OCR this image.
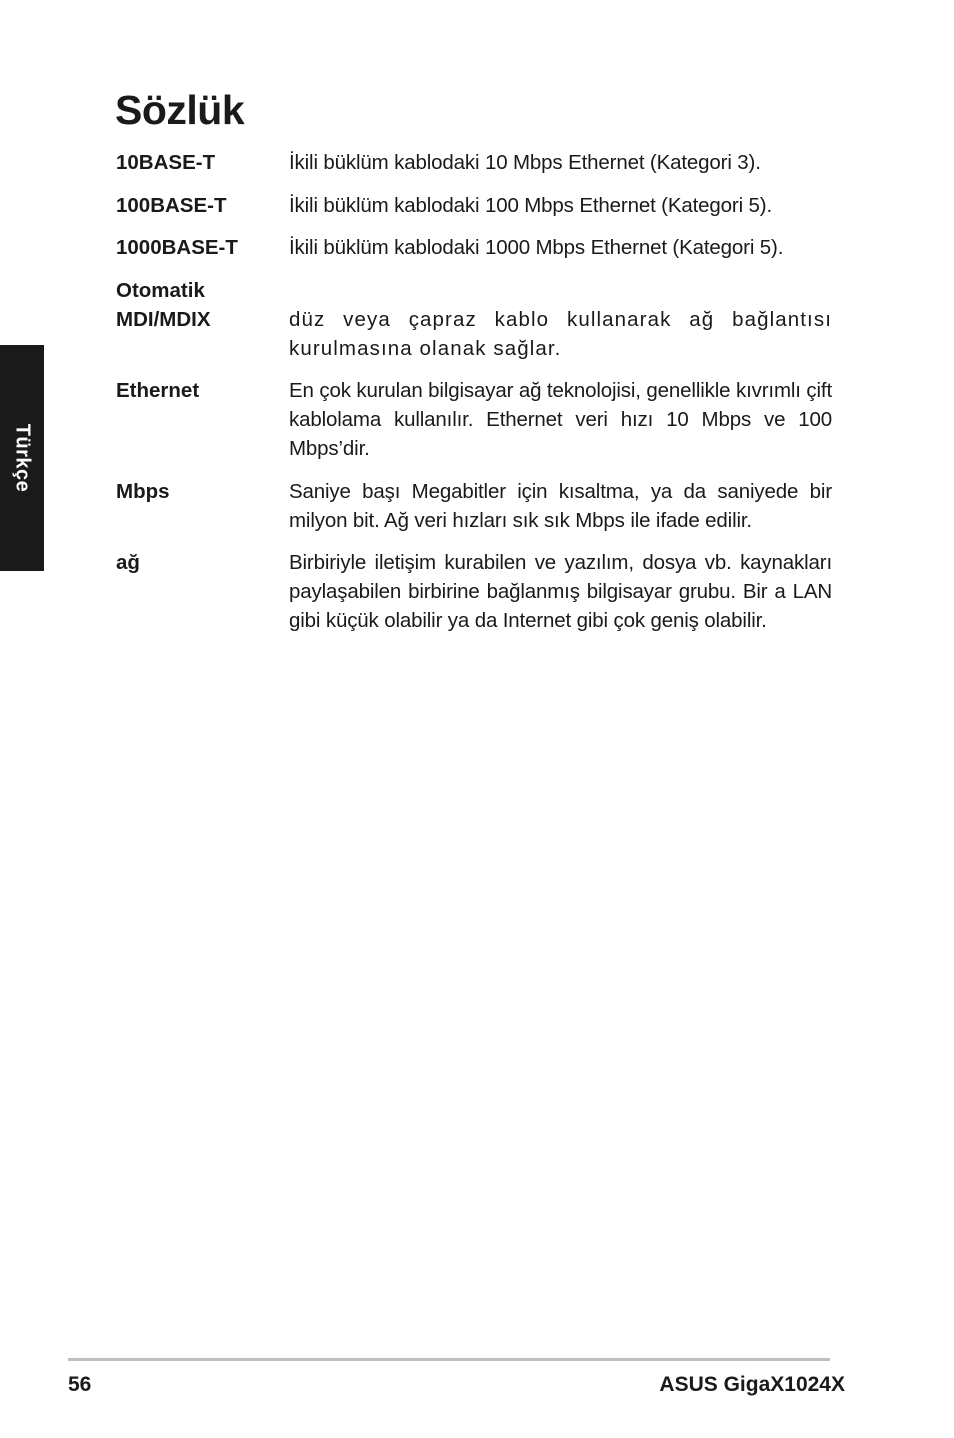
Türkçe
Sözlük
10BASE-T	İkili büklüm kablodaki 10 Mbps Ethernet (Kategori 3).
100BASE-T	İkili büklüm kablodaki 100 Mbps Ethernet (Kategori 5).
1000BASE-T	İkili büklüm kablodaki 1000 Mbps Ethernet (Kategori 5).
Otomatik MDI/MDIX	düz veya çapraz kablo kullanarak ağ bağlantısı kurulmasına olanak sağlar.
Ethernet	En çok kurulan bilgisayar ağ teknolojisi, genellikle kıvrımlı çift kablolama kullanılır. Ethernet veri hızı 10 Mbps ve 100 Mbps’dir.
Mbps	Saniye başı Megabitler için kısaltma, ya da saniyede bir milyon bit. Ağ veri hızları sık sık Mbps ile ifade edilir.
ağ	Birbiriyle iletişim kurabilen ve yazılım, dosya vb. kaynakları paylaşabilen birbirine bağlanmış bilgisayar grubu. Bir a LAN gibi küçük olabilir ya da Internet gibi çok geniş olabilir.
56	ASUS GigaX1024X
